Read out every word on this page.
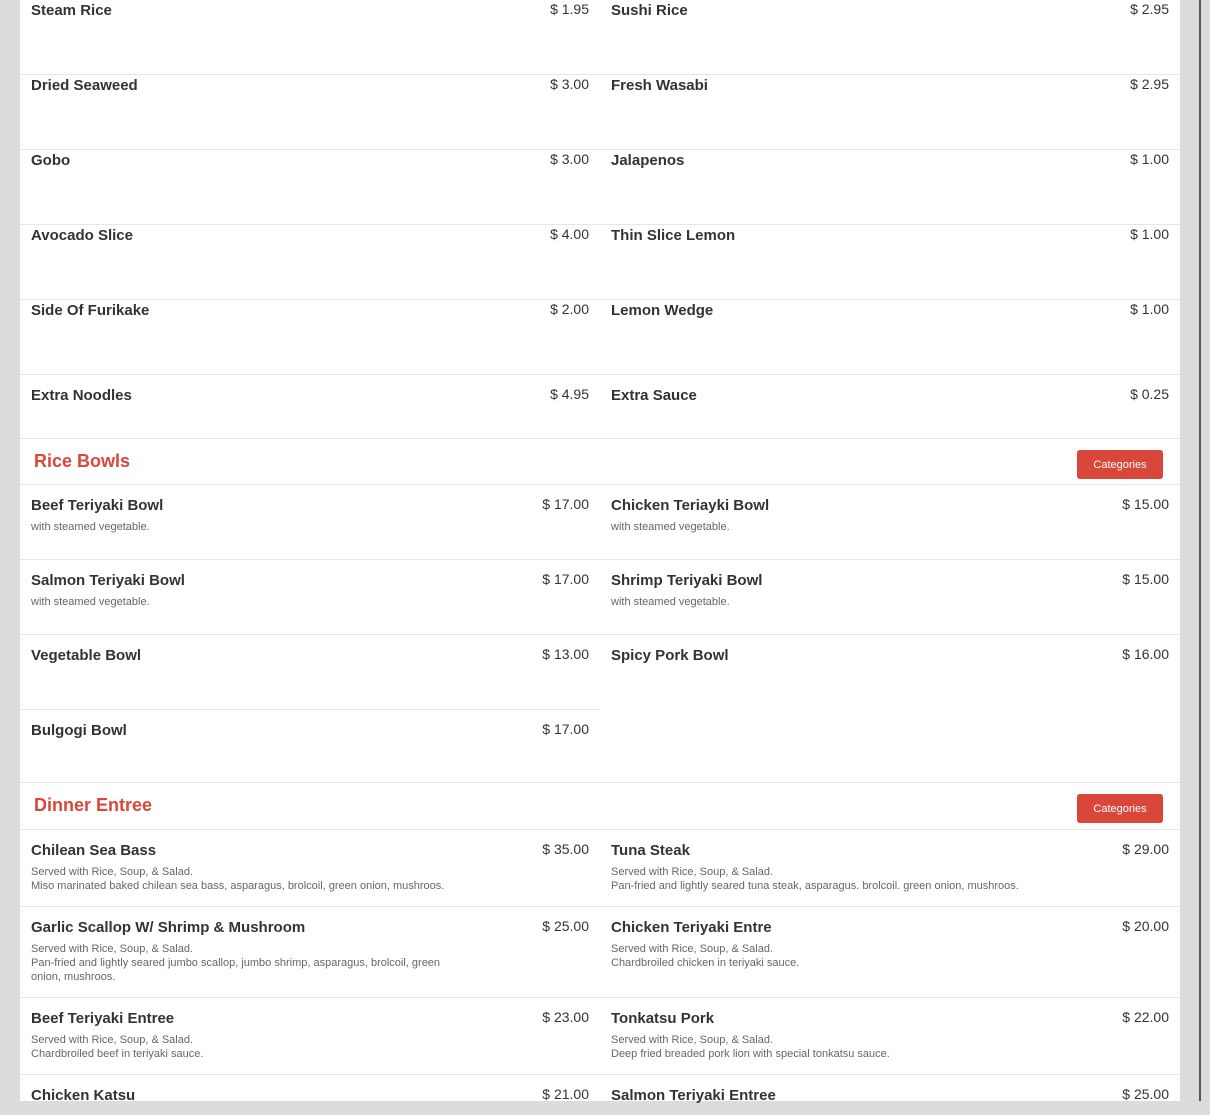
Steam Rice	$ 1.95 Sushi Rice	$ 2.95
Dried Seaweed	$ 3.00 Fresh Wasabi	$ 2.95
Gobo	$ 3.00 Jalapenos	$ 1.00
Avocado Slice	$ 4.00 Thin Slice Lemon	$ 1.00
Side Of Furikake	$ 2.00 Lemon Wedge	$ 1.00
Extra Noodles	$ 4.95 Extra Sauce	$ 0.25
Rice Bowls	Categories
Beef Teriyaki Bowl	$ 17.00
with steamed vegetable.
Chicken Teriayki Bowl	$ 15.00
with steamed vegetable.
Salmon Teriyaki Bowl	$ 17.00
with steamed vegetable.
Shrimp Teriyaki Bowl	$ 15.00
with steamed vegetable.
Vegetable Bowl	$ 13.00 Spicy Pork Bowl	$ 16.00
Bulgogi Bowl	$ 17.00
Dinner Entree	Categories
Chilean Sea Bass	$ 35.00
Served with Rice, Soup, & Salad.
Miso marinated baked chilean sea bass, asparagus, brolcoil, green onion, mushroos.
Tuna Steak	$ 29.00
Served with Rice, Soup, & Salad.
Pan-fried and lightly seared tuna steak, asparagus. brolcoil. green onion, mushroos.
Garlic Scallop W/ Shrimp & Mushroom	$ 25.00
Served with Rice, Soup, & Salad.
Pan-fried and lightly seared jumbo scallop, jumbo shrimp, asparagus, brolcoil, green onion, mushroos.
Chicken Teriyaki Entre	$ 20.00
Served with Rice, Soup, & Salad.
Chardbroiled chicken in teriyaki sauce.
Beef Teriyaki Entree	$ 23.00
Served with Rice, Soup, & Salad.
Chardbroiled beef in teriyaki sauce.
Tonkatsu Pork	$ 22.00
Served with Rice, Soup, & Salad.
Deep fried breaded pork lion with special tonkatsu sauce.
Chicken Katsu	$ 21.00 Salmon Teriyaki Entree	$ 25.00
